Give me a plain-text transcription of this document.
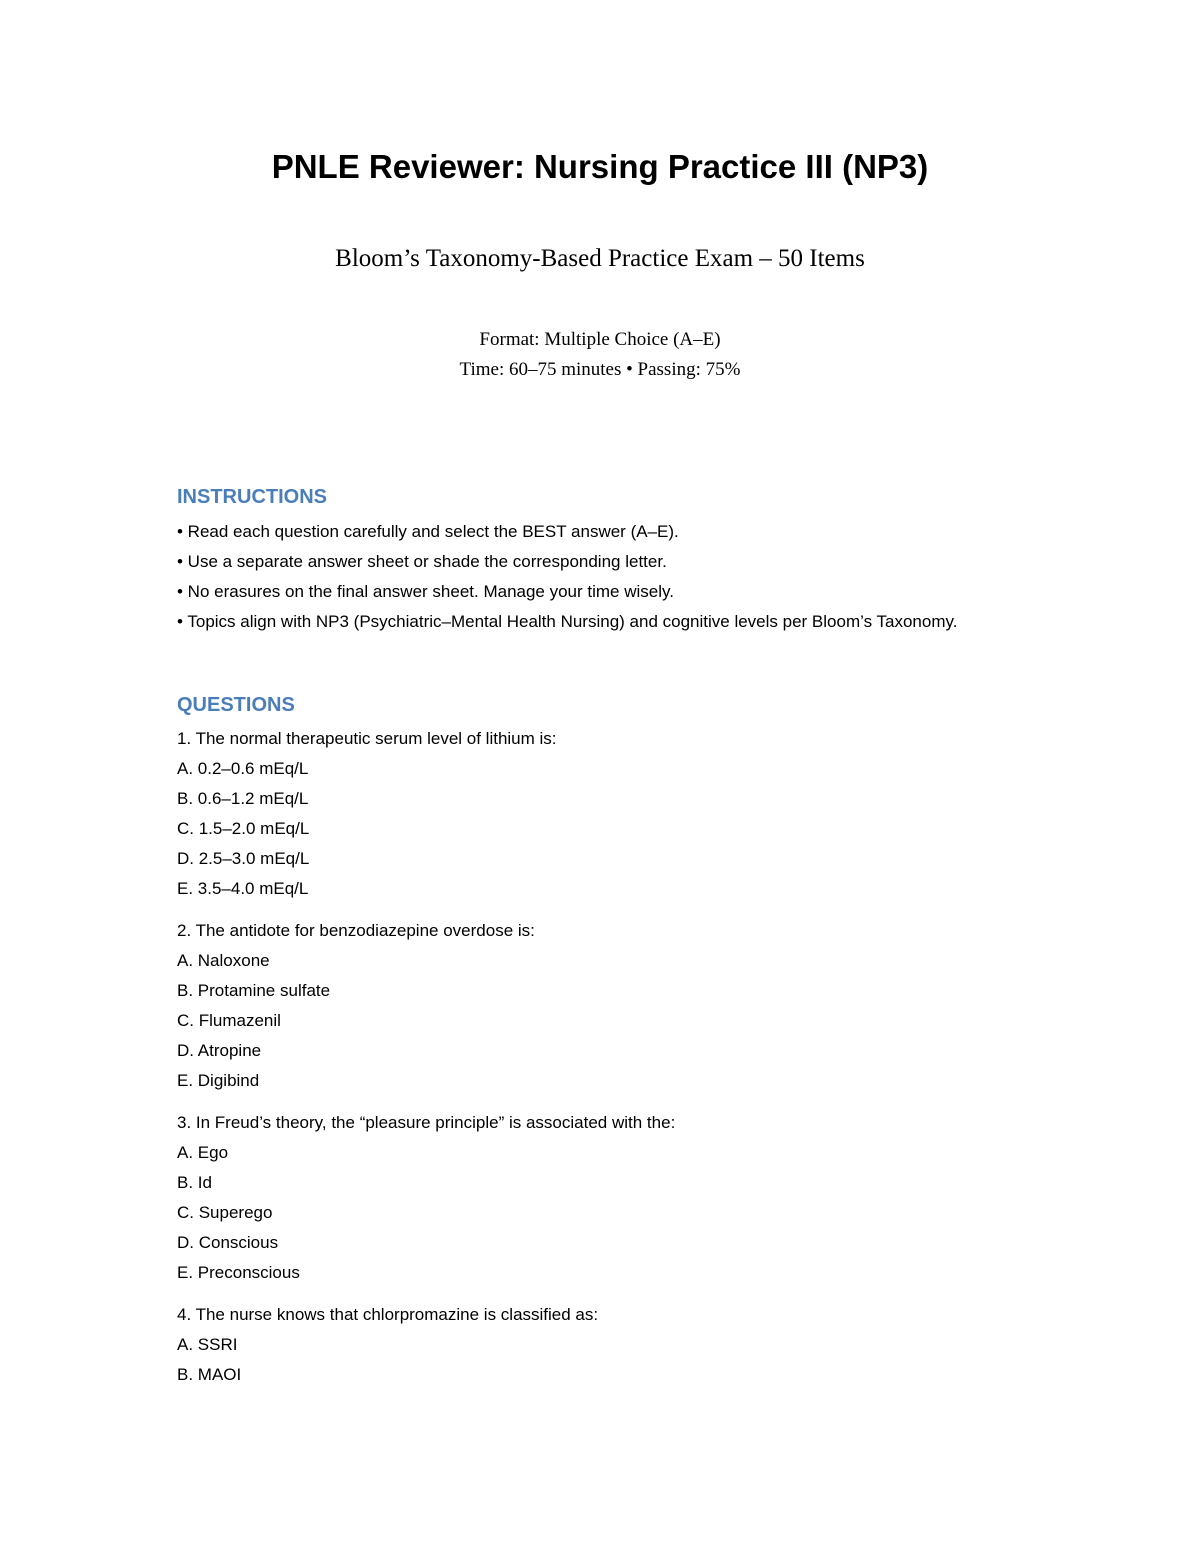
PNLE Reviewer: Nursing Practice III (NP3)
Bloom’s Taxonomy-Based Practice Exam – 50 Items
Format: Multiple Choice (A–E)
Time: 60–75 minutes • Passing: 75%
INSTRUCTIONS
• Read each question carefully and select the BEST answer (A–E).
• Use a separate answer sheet or shade the corresponding letter.
• No erasures on the final answer sheet. Manage your time wisely.
• Topics align with NP3 (Psychiatric–Mental Health Nursing) and cognitive levels per Bloom’s Taxonomy.
QUESTIONS
1. The normal therapeutic serum level of lithium is:
A. 0.2–0.6 mEq/L
B. 0.6–1.2 mEq/L
C. 1.5–2.0 mEq/L
D. 2.5–3.0 mEq/L
E. 3.5–4.0 mEq/L
2. The antidote for benzodiazepine overdose is:
A. Naloxone
B. Protamine sulfate
C. Flumazenil
D. Atropine
E. Digibind
3. In Freud’s theory, the “pleasure principle” is associated with the:
A. Ego
B. Id
C. Superego
D. Conscious
E. Preconscious
4. The nurse knows that chlorpromazine is classified as:
A. SSRI
B. MAOI
